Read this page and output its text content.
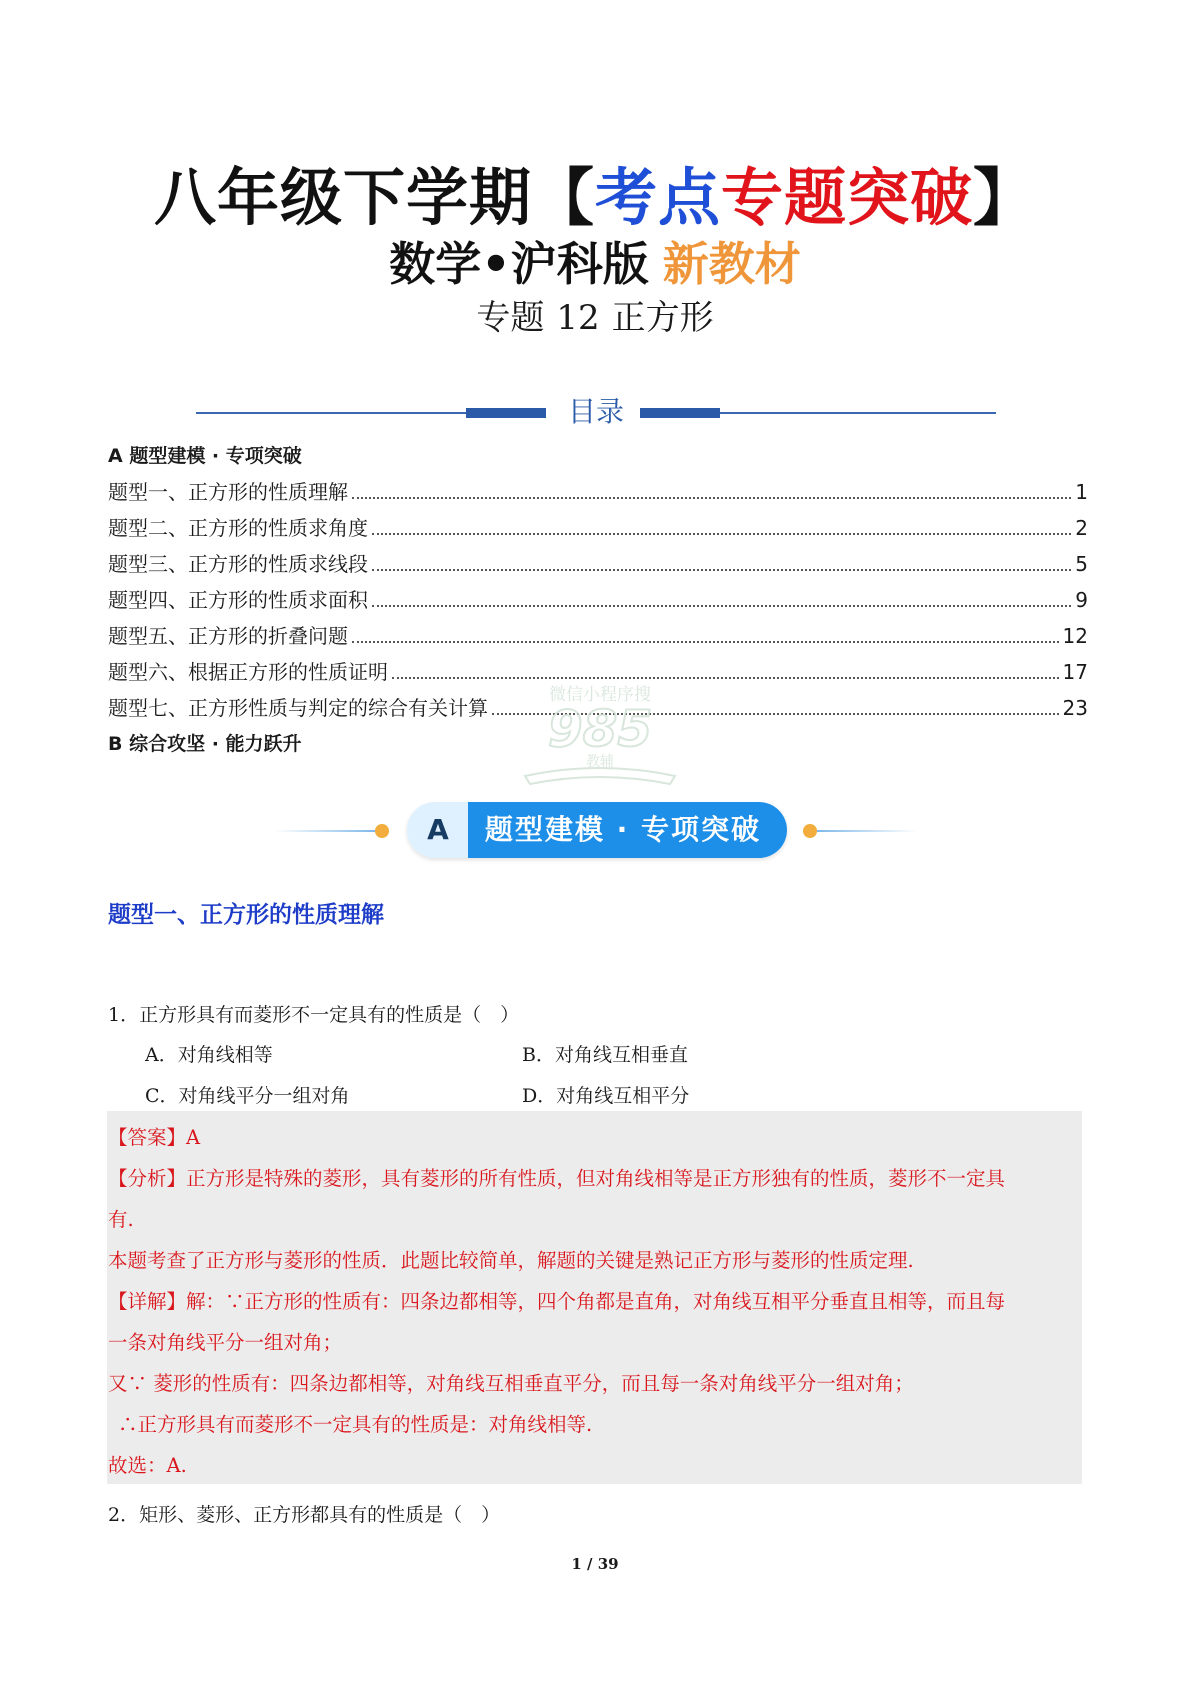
八年级下学期【考点专题突破】
数学•沪科版 新教材
专题 12 正方形
目录
A 题型建模 · 专项突破
题型一、正方形的性质理解	1
题型二、正方形的性质求角度	2
题型三、正方形的性质求线段	5
题型四、正方形的性质求面积	9
题型五、正方形的折叠问题	12
题型六、根据正方形的性质证明	17
题型七、正方形性质与判定的综合有关计算	23
B 综合攻坚 · 能力跃升
微信小程序搜
985
教辅
A	题型建模 · 专项突破
题型一、正方形的性质理解
1．正方形具有而菱形不一定具有的性质是（　）
A．对角线相等	B．对角线互相垂直
C．对角线平分一组对角	D．对角线互相平分
【答案】A
【分析】正方形是特殊的菱形，具有菱形的所有性质，但对角线相等是正方形独有的性质，菱形不一定具
有.
本题考查了正方形与菱形的性质．此题比较简单，解题的关键是熟记正方形与菱形的性质定理.
【详解】解：∵正方形的性质有：四条边都相等，四个角都是直角，对角线互相平分垂直且相等，而且每
一条对角线平分一组对角；
又∵ 菱形的性质有：四条边都相等，对角线互相垂直平分，而且每一条对角线平分一组对角；
∴正方形具有而菱形不一定具有的性质是：对角线相等.
故选：A.
2．矩形、菱形、正方形都具有的性质是（　）
1 / 39
